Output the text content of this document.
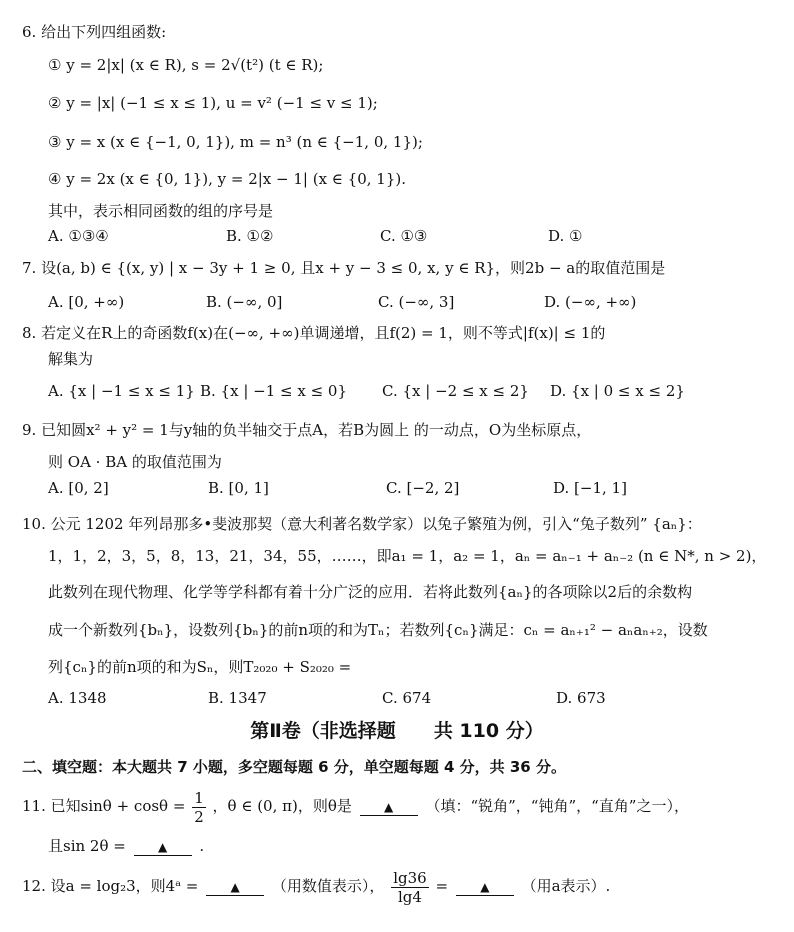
6. 给出下列四组函数:
① y = 2|x| (x ∈ R), s = 2√(t²) (t ∈ R);
② y = |x| (−1 ≤ x ≤ 1), u = v² (−1 ≤ v ≤ 1);
③ y = x (x ∈ {−1, 0, 1}), m = n³ (n ∈ {−1, 0, 1});
④ y = 2x (x ∈ {0, 1}), y = 2|x − 1| (x ∈ {0, 1}).
其中，表示相同函数的组的序号是
A. ①③④	B. ①②	C. ①③	D. ①
7. 设(a, b) ∈ {(x, y) | x − 3y + 1 ≥ 0, 且x + y − 3 ≤ 0, x, y ∈ R}，则2b − a的取值范围是
A. [0, +∞)	B. (−∞, 0]	C. (−∞, 3]	D. (−∞, +∞)
8. 若定义在R上的奇函数f(x)在(−∞, +∞)单调递增，且f(2) = 1，则不等式|f(x)| ≤ 1的
解集为
A. {x | −1 ≤ x ≤ 1} B. {x | −1 ≤ x ≤ 0} C. {x | −2 ≤ x ≤ 2} D. {x | 0 ≤ x ≤ 2}
9. 已知圆x² + y² = 1与y轴的负半轴交于点A，若B为圆上 的一动点，O为坐标原点，
则 OA · BA 的取值范围为
A. [0, 2]	B. [0, 1]	C. [−2, 2]	D. [−1, 1]
10. 公元 1202 年列昂那多•斐波那契（意大利著名数学家）以兔子繁殖为例，引入“兔子数列” {aₙ}：
1，1，2，3，5，8，13，21，34，55，……，即a₁ = 1，a₂ = 1，aₙ = aₙ₋₁ + aₙ₋₂ (n ∈ N*, n > 2)，
此数列在现代物理、化学等学科都有着十分广泛的应用．若将此数列{aₙ}的各项除以2后的余数构
成一个新数列{bₙ}，设数列{bₙ}的前n项的和为Tₙ；若数列{cₙ}满足：cₙ = aₙ₊₁² − aₙaₙ₊₂，设数
列{cₙ}的前n项的和为Sₙ，则T₂₀₂₀ + S₂₀₂₀ =
A. 1348	B. 1347	C. 674	D. 673
第Ⅱ卷（非选择题　　共 110 分）
二、填空题：本大题共 7 小题，多空题每题 6 分，单空题每题 4 分，共 36 分。
11. 已知$\sin\theta + \cos\theta = \frac{1}{2}$ ，θ ∈ (0, π)，则θ是	▲ （填：“锐角”，“钝角”，“直角”之一），
且sin 2θ =	▲ .
12. 设a = log₂3，则4ᵃ =	▲ （用数值表示）， $\frac{\lg 36}{\lg 4}$ =	▲ （用a表示）.
